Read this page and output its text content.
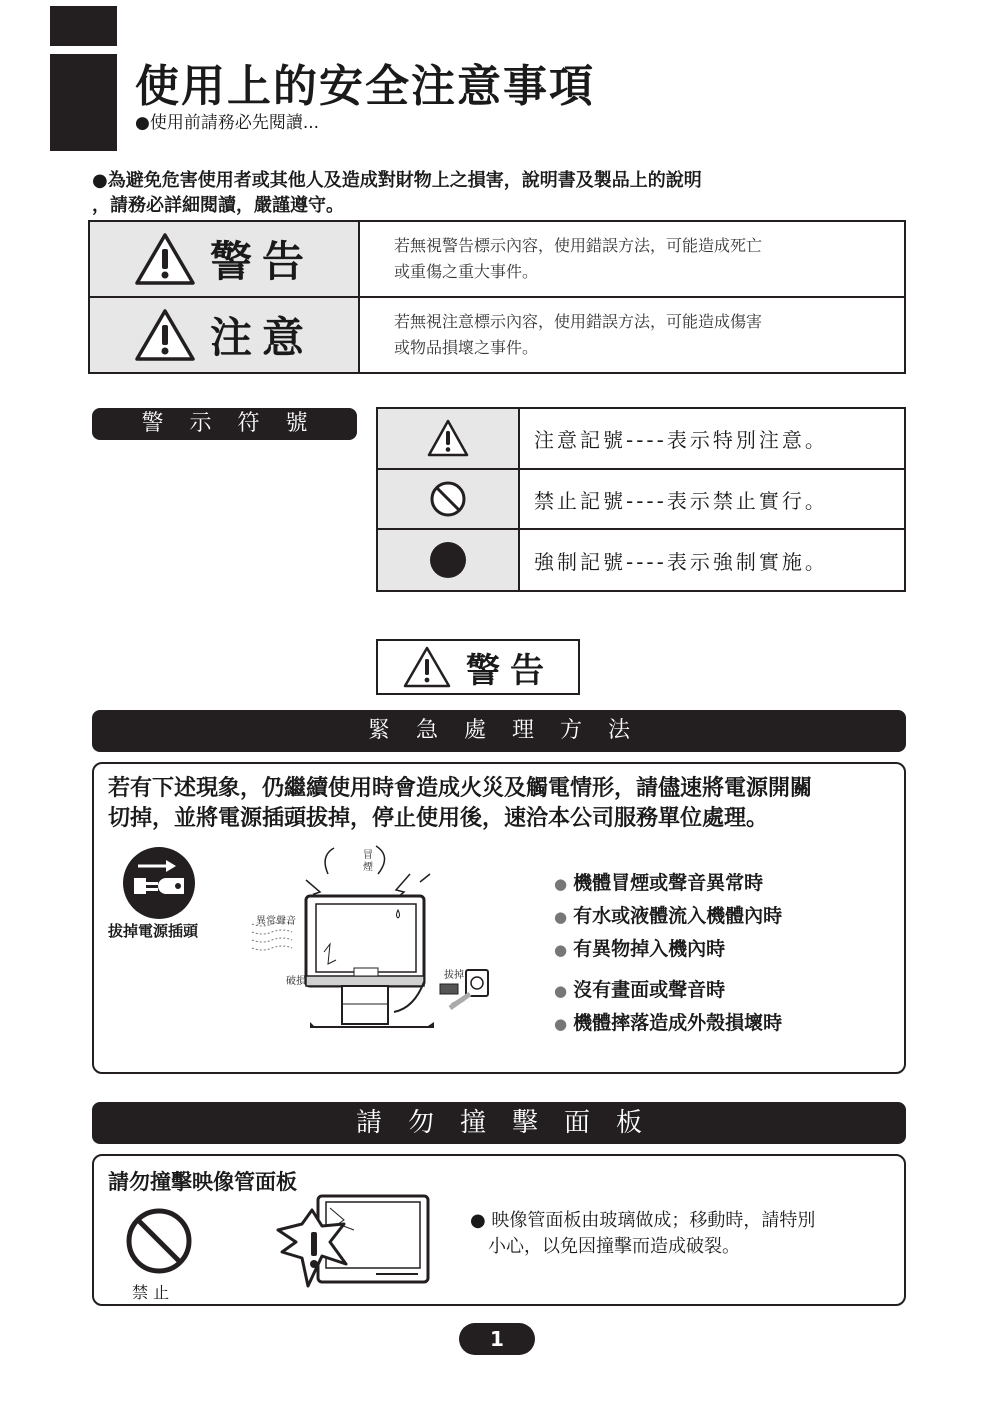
使用上的安全注意事項
●使用前請務必先閱讀...

●為避免危害使用者或其他人及造成對財物上之損害，說明書及製品上的說明

，請務必詳細閱讀，嚴謹遵守。

警告	若無視警告標示內容，使用錯誤方法，可能造成死亡
或重傷之重大事件。

注意	若無視注意標示內容，使用錯誤方法，可能造成傷害
或物品損壞之事件。
警示符號
注意記號----表示特別注意。
禁止記號----表示禁止實行。
強制記號----表示強制實施。
警告
緊急處理方法

若有下述現象，仍繼續使用時會造成火災及觸電情形，請儘速將電源開關

切掉，並將電源插頭拔掉，停止使用後，速洽本公司服務單位處理。

拔掉電源插頭
冒煙
異常聲音
破損
拔掉
● 機體冒煙或聲音異常時
● 有水或液體流入機體內時
● 有異物掉入機內時
● 沒有畫面或聲音時
● 機體摔落造成外殼損壞時
請勿撞擊面板
請勿撞擊映像管面板
禁 止
● 映像管面板由玻璃做成；移動時，請特別
小心，以免因撞擊而造成破裂。
1
